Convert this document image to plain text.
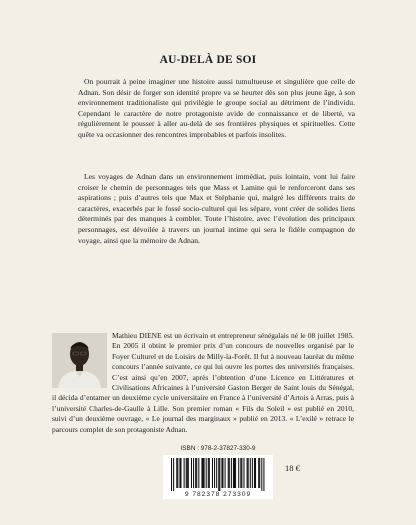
AU-DELÀ DE SOI

On pourrait à peine imaginer une histoire aussi tumultueuse et singulière que celle de Adnan. Son désir de forger son identité propre va se heurter dès son plus jeune âge, à son environnement traditionaliste qui privilégie le groupe social au détriment de l’individu. Cependant le caractère de notre protagoniste avide de connaissance et de liberté, va régulièrement le pousser à aller au-delà de ses frontières physiques et spirituelles. Cette quête va occasionner des rencontres improbables et parfois insolites.

Les voyages de Adnan dans un environnement immédiat, puis lointain, vont lui faire croiser le chemin de personnages tels que Mass et Lamine qui le renforceront dans ses aspirations ; puis d’autres tels que Max et Stéphanie qui, malgré les différents traits de caractères, exacerbés par le fossé socio-culturel qui les sépare, vont créer de solides liens déterminés par des manques à combler. Toute l’histoire, avec l’évolution des principaux personnages, est dévoilée à travers un journal intime qui sera le fidèle compagnon de voyage, ainsi que la mémoire de Adnan.

Mathieu DIENE est un écrivain et entrepreneur sénégalais né le 08 juillet 1985. En 2005 il obtint le premier prix d’un concours de nouvelles organisé par le Foyer Culturel et de Loisirs de Milly-la-Forêt. Il fut à nouveau lauréat du même concours l’année suivante, ce qui lui ouvre les portes des universités françaises. C’est ainsi qu’en 2007, après l’obtention d’une Licence en Littératures et Civilisations Africaines à l’université Gaston Berger de Saint louis du Sénégal, il décida d’entamer un deuxième cycle universitaire en France à l’université d’Artois à Arras, puis à l’université Charles-de-Gaulle à Lille. Son premier roman « Fils du Soleil » est publié en 2010, suivi d’un deuxième ouvrage, « Le journal des marginaux » publié en 2013. « L’exilé » retrace le parcours complet de son protagoniste Adnan.

ISBN : 978-2-37827-330-9
9 782378 273309
18 €
